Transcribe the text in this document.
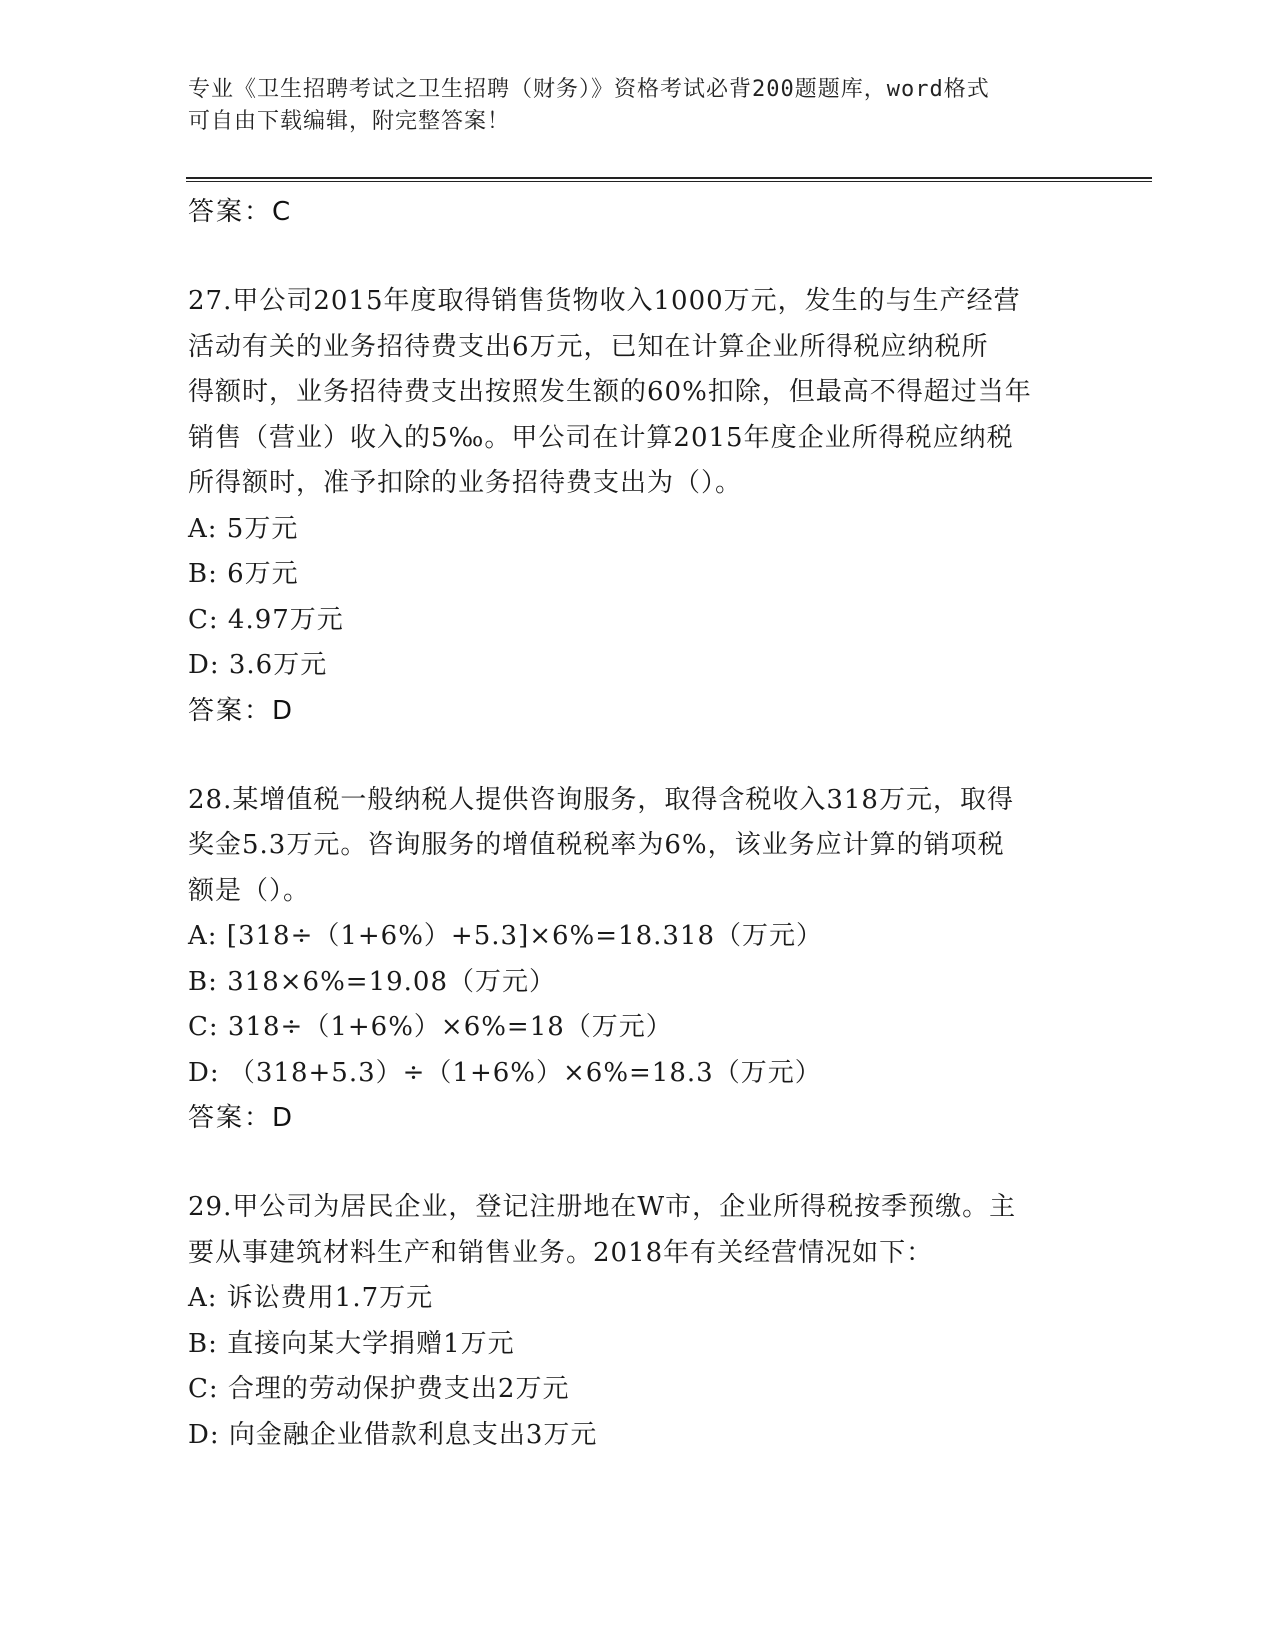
专业《卫生招聘考试之卫生招聘（财务）》资格考试必背200题题库，word格式
可自由下载编辑，附完整答案！
答案：C
27.甲公司2015年度取得销售货物收入1000万元，发生的与生产经营
活动有关的业务招待费支出6万元，已知在计算企业所得税应纳税所
得额时，业务招待费支出按照发生额的60%扣除，但最高不得超过当年
销售（营业）收入的5‰。甲公司在计算2015年度企业所得税应纳税
所得额时，准予扣除的业务招待费支出为（）。
A: 5万元
B: 6万元
C: 4.97万元
D: 3.6万元
答案：D
28.某增值税一般纳税人提供咨询服务，取得含税收入318万元，取得
奖金5.3万元。咨询服务的增值税税率为6%，该业务应计算的销项税
额是（）。
A: [318÷（1+6%）+5.3]×6%=18.318（万元）
B: 318×6%=19.08（万元）
C: 318÷（1+6%）×6%=18（万元）
D: （318+5.3）÷（1+6%）×6%=18.3（万元）
答案：D
29.甲公司为居民企业，登记注册地在W市，企业所得税按季预缴。主
要从事建筑材料生产和销售业务。2018年有关经营情况如下：
A: 诉讼费用1.7万元
B: 直接向某大学捐赠1万元
C: 合理的劳动保护费支出2万元
D: 向金融企业借款利息支出3万元
